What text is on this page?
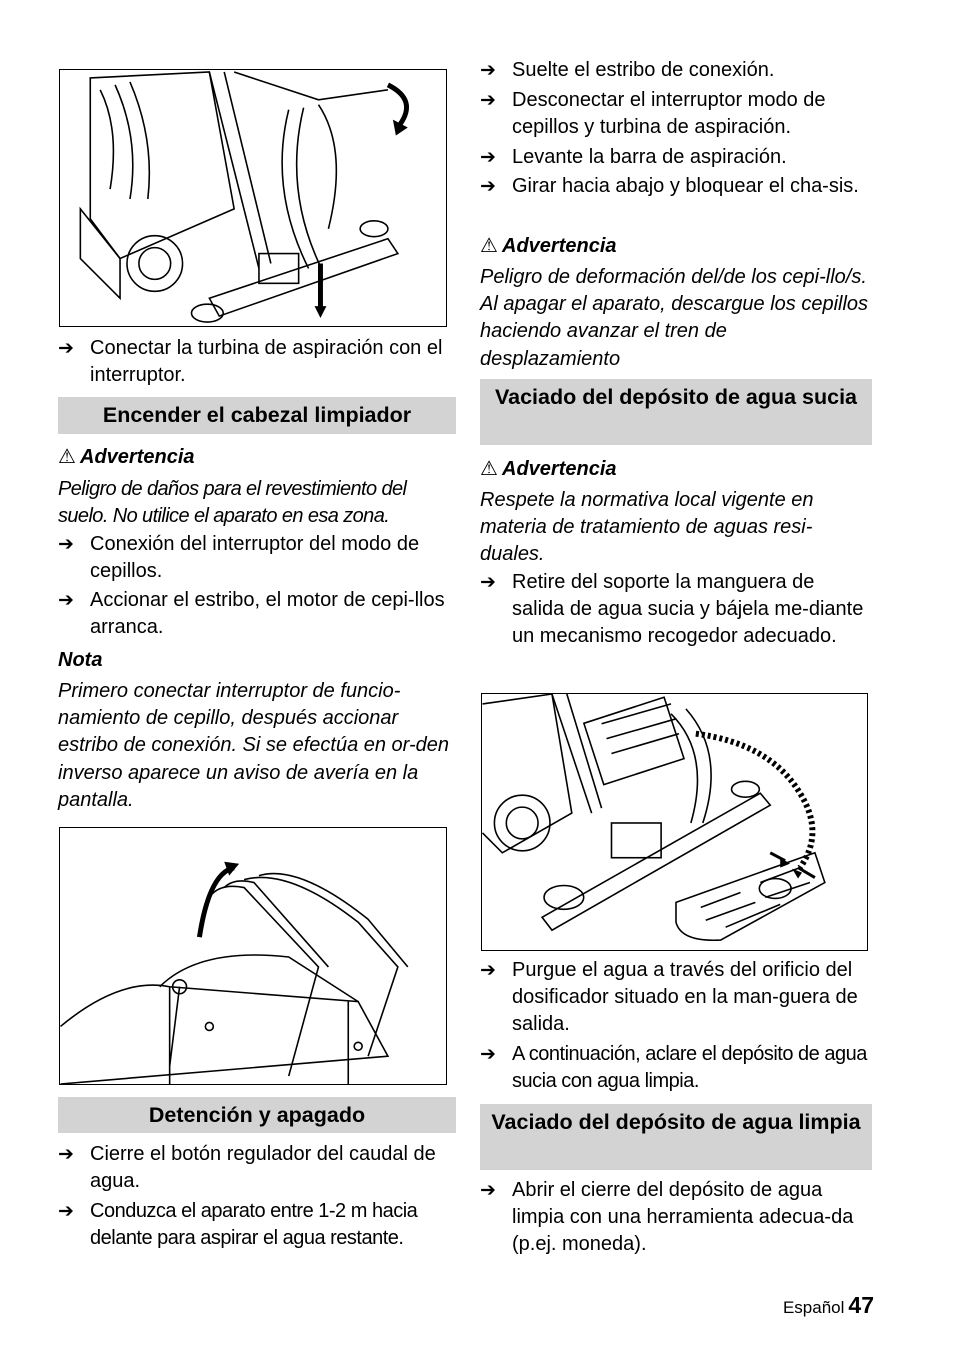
➔ Conectar la turbina de aspiración con el interruptor.
Encender el cabezal limpiador
⚠ Advertencia
Peligro de daños para el revestimiento del suelo. No utilice el aparato en esa zona.
➔ Conexión del interruptor del modo de cepillos.
➔ Accionar el estribo, el motor de cepi-llos arranca.
Nota
Primero conectar interruptor de funcio-namiento de cepillo, después accionar estribo de conexión. Si se efectúa en or-den inverso aparece un aviso de avería en la pantalla.
Detención y apagado
➔ Cierre el botón regulador del caudal de agua.
➔ Conduzca el aparato entre 1-2 m hacia delante para aspirar el agua restante.
➔ Suelte el estribo de conexión.
➔ Desconectar el interruptor modo de cepillos y turbina de aspiración.
➔ Levante la barra de aspiración.
➔ Girar hacia abajo y bloquear el cha-sis.
⚠ Advertencia
Peligro de deformación del/de los cepi-llo/s. Al apagar el aparato, descargue los cepillos haciendo avanzar el tren de desplazamiento
Vaciado del depósito de agua sucia
⚠ Advertencia
Respete la normativa local vigente en materia de tratamiento de aguas resi-duales.
➔ Retire del soporte la manguera de salida de agua sucia y bájela me-diante un mecanismo recogedor adecuado.
➔ Purgue el agua a través del orificio del dosificador situado en la man-guera de salida.
➔ A continuación, aclare el depósito de agua sucia con agua limpia.
Vaciado del depósito de agua limpia
➔ Abrir el cierre del depósito de agua limpia con una herramienta adecua-da (p.ej. moneda).
Español 47
